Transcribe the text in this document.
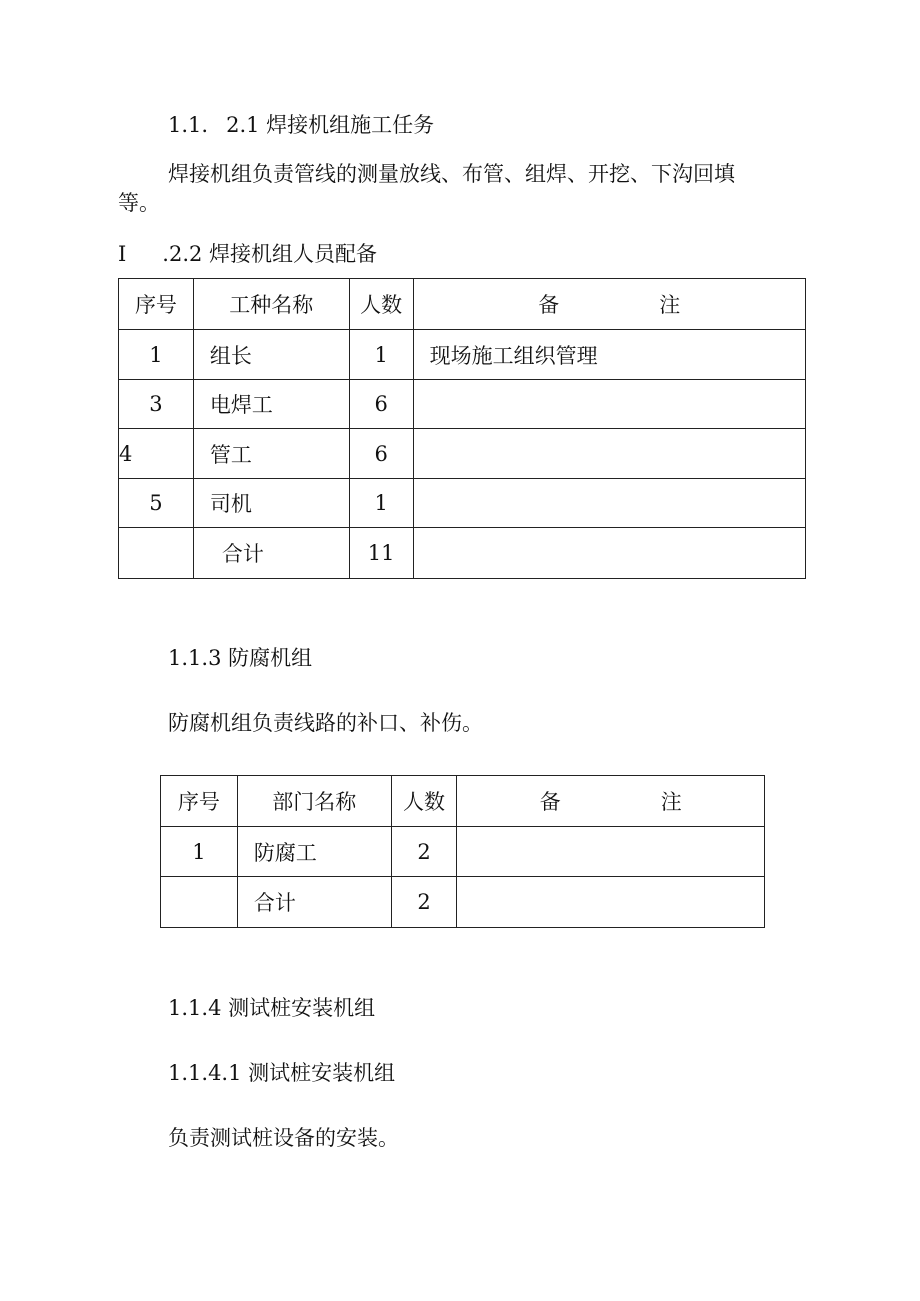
1.1. 2.1 焊接机组施工任务
焊接机组负责管线的测量放线、布管、组焊、开挖、下沟回填
等。
I .2.2 焊接机组人员配备
序号	工种名称	人数	备 注
1	组长	1	现场施工组织管理
3	电焊工	6	
4	管工	6	
5	司机	1	
	合计	11	
1.1.3 防腐机组
防腐机组负责线路的补口、补伤。
序号	部门名称	人数	备 注
1	防腐工	2	
	合计	2	
1.1.4 测试桩安装机组
1.1.4.1 测试桩安装机组
负责测试桩设备的安装。
